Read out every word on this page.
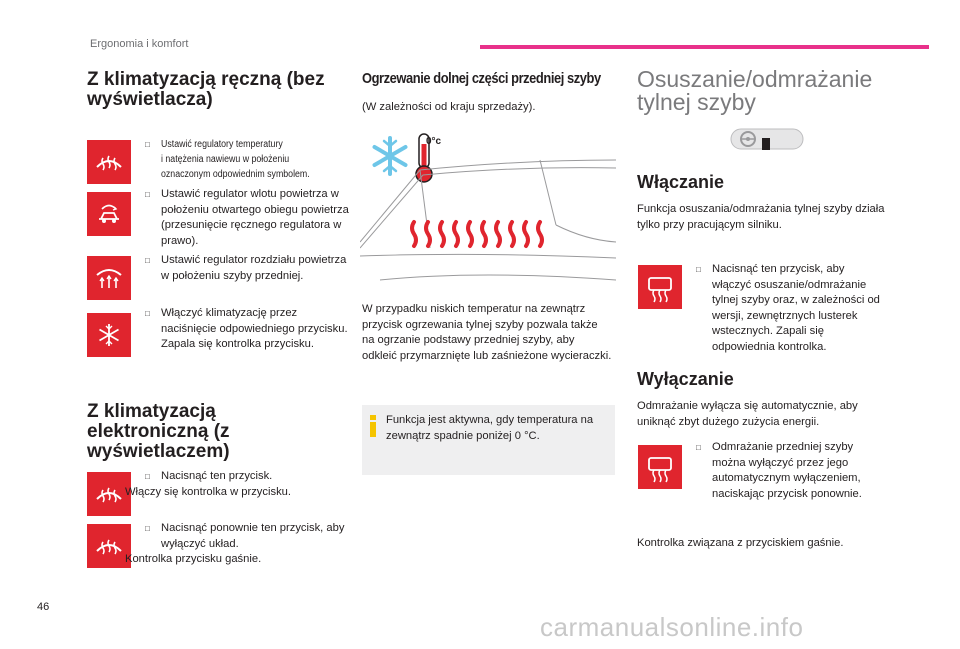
Ergonomia i komfort
Z klimatyzacją ręczną (bez wyświetlacza)
□	Ustawić regulatory temperatury
i natężenia nawiewu w położeniu
oznaczonym odpowiednim symbolem.
□ Ustawić regulator wlotu powietrza w położeniu otwartego obiegu powietrza (przesunięcie ręcznego regulatora w prawo).
□ Ustawić regulator rozdziału powietrza w położeniu szyby przedniej.
□ Włączyć klimatyzację przez naciśnięcie odpowiedniego przycisku. Zapala się kontrolka przycisku.
Z klimatyzacją elektroniczną (z wyświetlaczem)
□ Nacisnąć ten przycisk.
Włączy się kontrolka w przycisku.
□ Nacisnąć ponownie ten przycisk, aby wyłączyć układ.
Kontrolka przycisku gaśnie.
Ogrzewanie dolnej części przedniej szyby
(W zależności od kraju sprzedaży).
0°c
W przypadku niskich temperatur na zewnątrz przycisk ogrzewania tylnej szyby pozwala także na ogrzanie podstawy przedniej szyby, aby odkleić przymarznięte lub zaśnieżone wycieraczki.
Funkcja jest aktywna, gdy temperatura na zewnątrz spadnie poniżej 0 °C.
Osuszanie/odmrażanie tylnej szyby
Włączanie
Funkcja osuszania/odmrażania tylnej szyby działa tylko przy pracującym silniku.
□ Nacisnąć ten przycisk, aby włączyć osuszanie/odmrażanie tylnej szyby oraz, w zależności od wersji, zewnętrznych lusterek wstecznych. Zapali się odpowiednia kontrolka.
Wyłączanie
Odmrażanie wyłącza się automatycznie, aby uniknąć zbyt dużego zużycia energii.
□ Odmrażanie przedniej szyby można wyłączyć przez jego automatycznym wyłączeniem, naciskając przycisk ponownie.
Kontrolka związana z przyciskiem gaśnie.
46
carmanualsonline.info
